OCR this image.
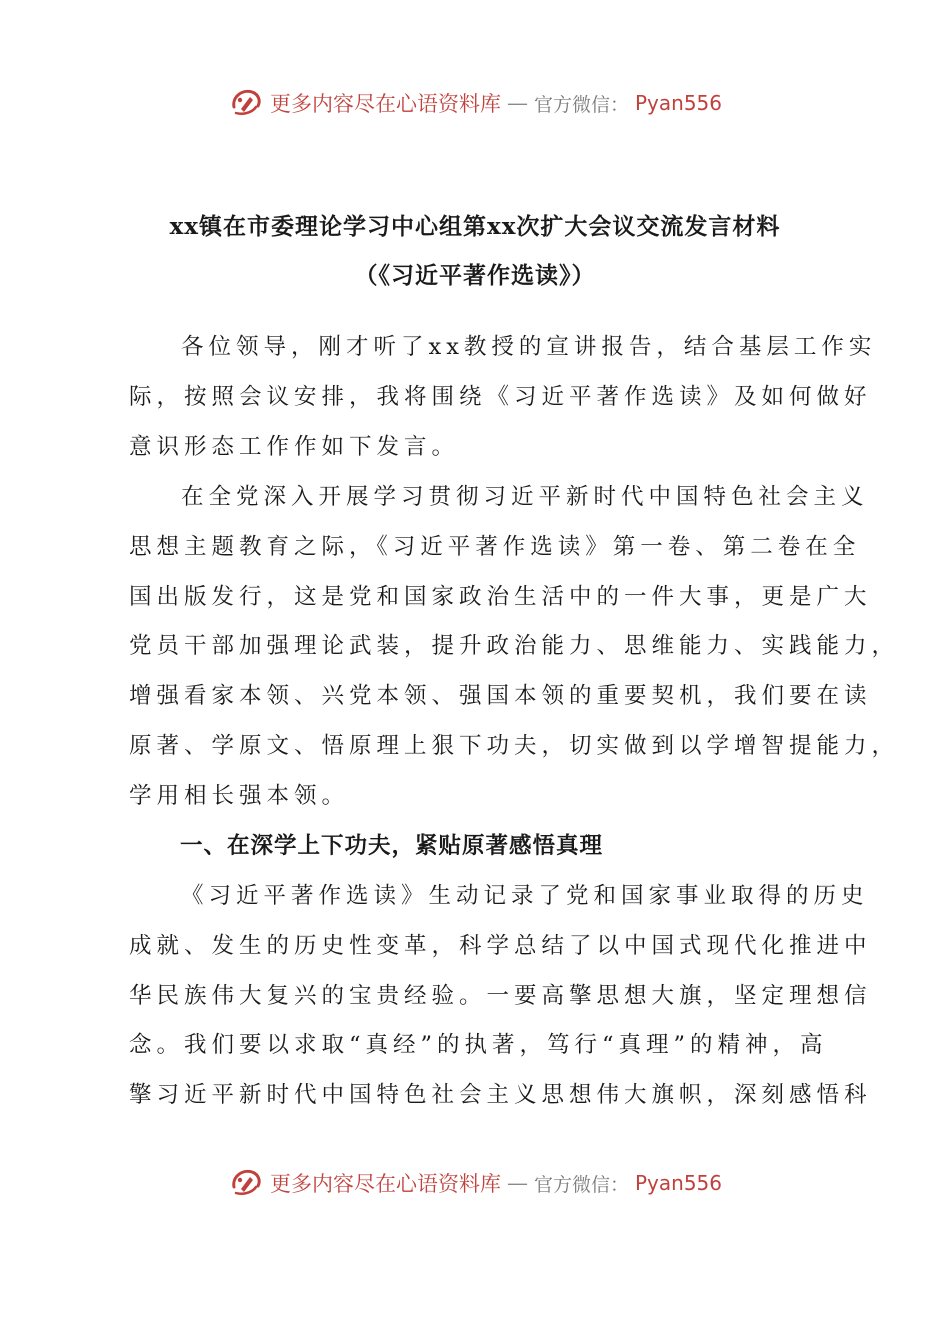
更多内容尽在心语资料库 — 官方微信： Pyan556
xx镇在市委理论学习中心组第xx次扩大会议交流发言材料
（《习近平著作选读》）
各位领导，刚才听了xx教授的宣讲报告，结合基层工作实
际，按照会议安排，我将围绕《习近平著作选读》及如何做好
意识形态工作作如下发言。
在全党深入开展学习贯彻习近平新时代中国特色社会主义
思想主题教育之际，《习近平著作选读》第一卷、第二卷在全
国出版发行，这是党和国家政治生活中的一件大事，更是广大
党员干部加强理论武装，提升政治能力、思维能力、实践能力，
增强看家本领、兴党本领、强国本领的重要契机，我们要在读
原著、学原文、悟原理上狠下功夫，切实做到以学增智提能力，
学用相长强本领。
一、在深学上下功夫，紧贴原著感悟真理
《习近平著作选读》生动记录了党和国家事业取得的历史
成就、发生的历史性变革，科学总结了以中国式现代化推进中
华民族伟大复兴的宝贵经验。一要高擎思想大旗，坚定理想信
念。我们要以求取“真经”的执著，笃行“真理”的精神，高
擎习近平新时代中国特色社会主义思想伟大旗帜，深刻感悟科
更多内容尽在心语资料库 — 官方微信： Pyan556
